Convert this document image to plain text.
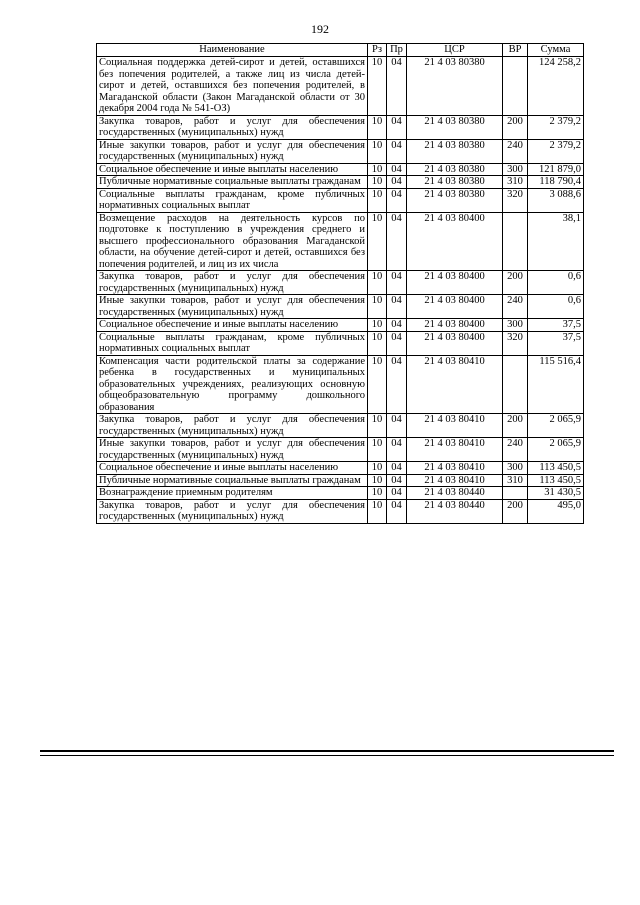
192
Наименование	Рз	Пр	ЦСР	ВР	Сумма
Социальная поддержка детей-сирот и детей, оставшихся без попечения родителей, а также лиц из числа детей-сирот и детей, оставшихся без попечения родителей, в Магаданской области (Закон Магаданской области от 30 декабря 2004 года № 541-ОЗ)	10	04	21 4 03 80380		124 258,2
Закупка товаров, работ и услуг для обеспечения государственных (муниципальных) нужд	10	04	21 4 03 80380	200	2 379,2
Иные закупки товаров, работ и услуг для обеспечения государственных (муниципальных) нужд	10	04	21 4 03 80380	240	2 379,2
Социальное обеспечение и иные выплаты населению	10	04	21 4 03 80380	300	121 879,0
Публичные нормативные социальные выплаты гражданам	10	04	21 4 03 80380	310	118 790,4
Социальные выплаты гражданам, кроме публичных нормативных социальных выплат	10	04	21 4 03 80380	320	3 088,6
Возмещение расходов на деятельность курсов по подготовке к поступлению в учреждения среднего и высшего профессионального образования Магаданской области, на обучение детей-сирот и детей, оставшихся без попечения родителей, и лиц из их числа	10	04	21 4 03 80400		38,1
Закупка товаров, работ и услуг для обеспечения государственных (муниципальных) нужд	10	04	21 4 03 80400	200	0,6
Иные закупки товаров, работ и услуг для обеспечения государственных (муниципальных) нужд	10	04	21 4 03 80400	240	0,6
Социальное обеспечение и иные выплаты населению	10	04	21 4 03 80400	300	37,5
Социальные выплаты гражданам, кроме публичных нормативных социальных выплат	10	04	21 4 03 80400	320	37,5
Компенсация части родительской платы за содержание ребенка в государственных и муниципальных образовательных учреждениях, реализующих основную общеобразовательную программу дошкольного образования	10	04	21 4 03 80410		115 516,4
Закупка товаров, работ и услуг для обеспечения государственных (муниципальных) нужд	10	04	21 4 03 80410	200	2 065,9
Иные закупки товаров, работ и услуг для обеспечения государственных (муниципальных) нужд	10	04	21 4 03 80410	240	2 065,9
Социальное обеспечение и иные выплаты населению	10	04	21 4 03 80410	300	113 450,5
Публичные нормативные социальные выплаты гражданам	10	04	21 4 03 80410	310	113 450,5
Вознаграждение приемным родителям	10	04	21 4 03 80440		31 430,5
Закупка товаров, работ и услуг для обеспечения государственных (муниципальных) нужд	10	04	21 4 03 80440	200	495,0
